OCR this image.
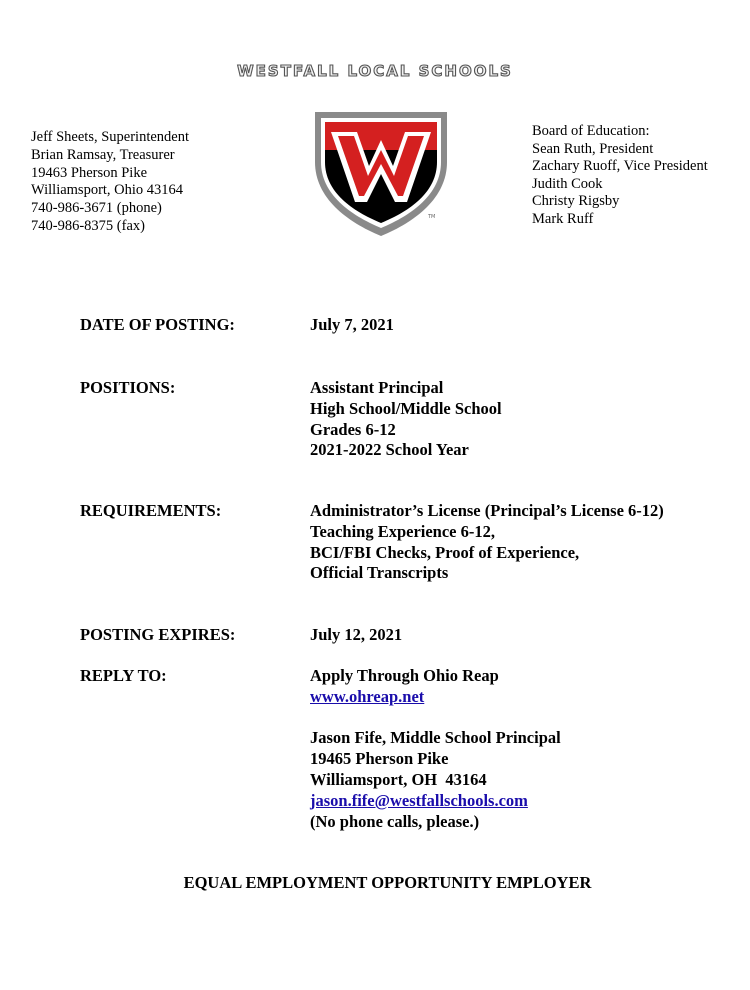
WESTFALL LOCAL SCHOOLS
Jeff Sheets, Superintendent
Brian Ramsay, Treasurer
19463 Pherson Pike
Williamsport, Ohio 43164
740-986-3671 (phone)
740-986-8375 (fax)
TM
Board of Education:
Sean Ruth, President
Zachary Ruoff, Vice President
Judith Cook
Christy Rigsby
Mark Ruff
DATE OF POSTING:	July 7, 2021
POSITIONS:	Assistant Principal
High School/Middle School
Grades 6-12
2021-2022 School Year
REQUIREMENTS:	Administrator’s License (Principal’s License 6-12)
Teaching Experience 6-12,
BCI/FBI Checks, Proof of Experience,
Official Transcripts
POSTING EXPIRES:	July 12, 2021
REPLY TO:	Apply Through Ohio Reap
www.ohreap.net
Jason Fife, Middle School Principal
19465 Pherson Pike
Williamsport, OH  43164
jason.fife@westfallschools.com
(No phone calls, please.)
EQUAL EMPLOYMENT OPPORTUNITY EMPLOYER
